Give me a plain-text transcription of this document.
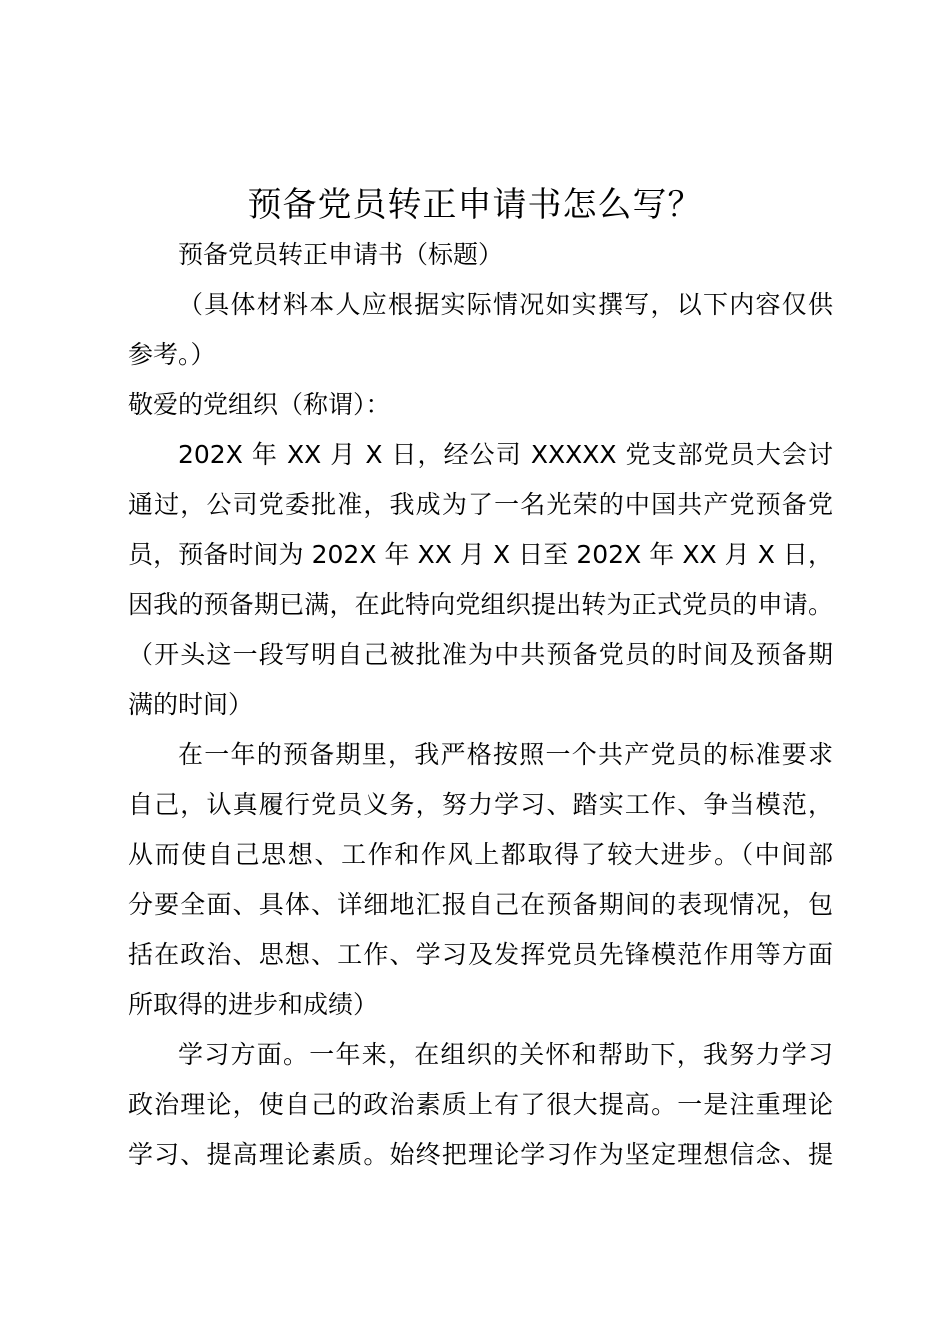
预备党员转正申请书怎么写？

预备党员转正申请书（标题）

（具体材料本人应根据实际情况如实撰写，以下内容仅供
参考。）

敬爱的党组织（称谓）：

202X 年 XX 月 X 日，经公司 XXXXX 党支部党员大会讨
通过，公司党委批准，我成为了一名光荣的中国共产党预备党
员，预备时间为 202X 年 XX 月 X 日至 202X 年 XX 月 X 日，
因我的预备期已满，在此特向党组织提出转为正式党员的申请。
（开头这一段写明自己被批准为中共预备党员的时间及预备期
满的时间）

在一年的预备期里，我严格按照一个共产党员的标准要求
自己，认真履行党员义务，努力学习、踏实工作、争当模范，
从而使自己思想、工作和作风上都取得了较大进步。（中间部
分要全面、具体、详细地汇报自己在预备期间的表现情况，包
括在政治、思想、工作、学习及发挥党员先锋模范作用等方面
所取得的进步和成绩）

学习方面。一年来，在组织的关怀和帮助下，我努力学习
政治理论，使自己的政治素质上有了很大提高。一是注重理论
学习、提高理论素质。始终把理论学习作为坚定理想信念、提
